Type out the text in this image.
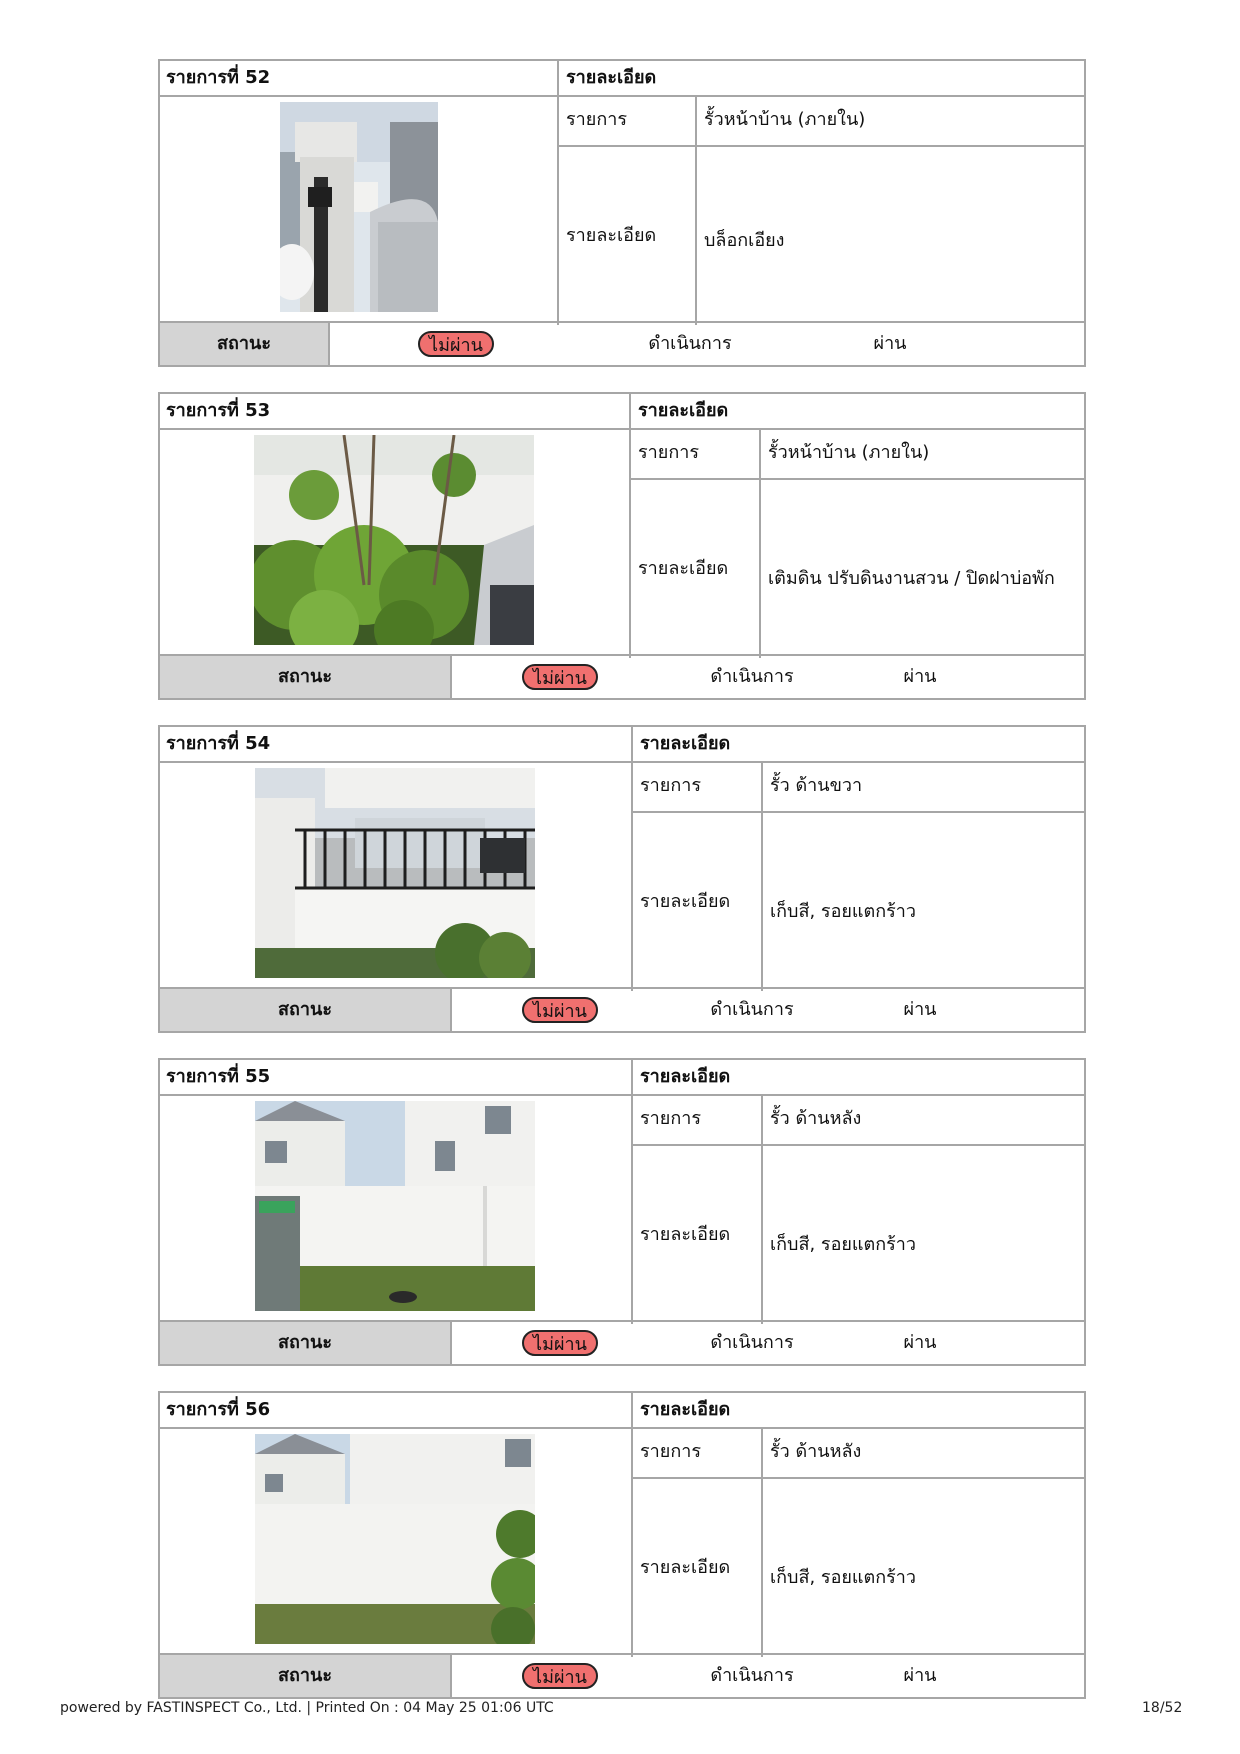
รายการที่ 52	รายละเอียด
รายการ	รั้วหน้าบ้าน (ภายใน)
รายละเอียด	บล็อกเอียง
สถานะ	ไม่ผ่าน	ดำเนินการ	ผ่าน
รายการที่ 53	รายละเอียด
รายการ	รั้วหน้าบ้าน (ภายใน)
รายละเอียด	เติมดิน ปรับดินงานสวน / ปิดฝาบ่อพัก
สถานะ	ไม่ผ่าน	ดำเนินการ	ผ่าน
รายการที่ 54	รายละเอียด
รายการ	รั้ว ด้านขวา
รายละเอียด	เก็บสี, รอยแตกร้าว
สถานะ	ไม่ผ่าน	ดำเนินการ	ผ่าน
รายการที่ 55	รายละเอียด
รายการ	รั้ว ด้านหลัง
รายละเอียด	เก็บสี, รอยแตกร้าว
สถานะ	ไม่ผ่าน	ดำเนินการ	ผ่าน
รายการที่ 56	รายละเอียด
รายการ	รั้ว ด้านหลัง
รายละเอียด	เก็บสี, รอยแตกร้าว
สถานะ	ไม่ผ่าน	ดำเนินการ	ผ่าน
powered by FASTINSPECT Co., Ltd. | Printed On : 04 May 25 01:06 UTC	18/52
